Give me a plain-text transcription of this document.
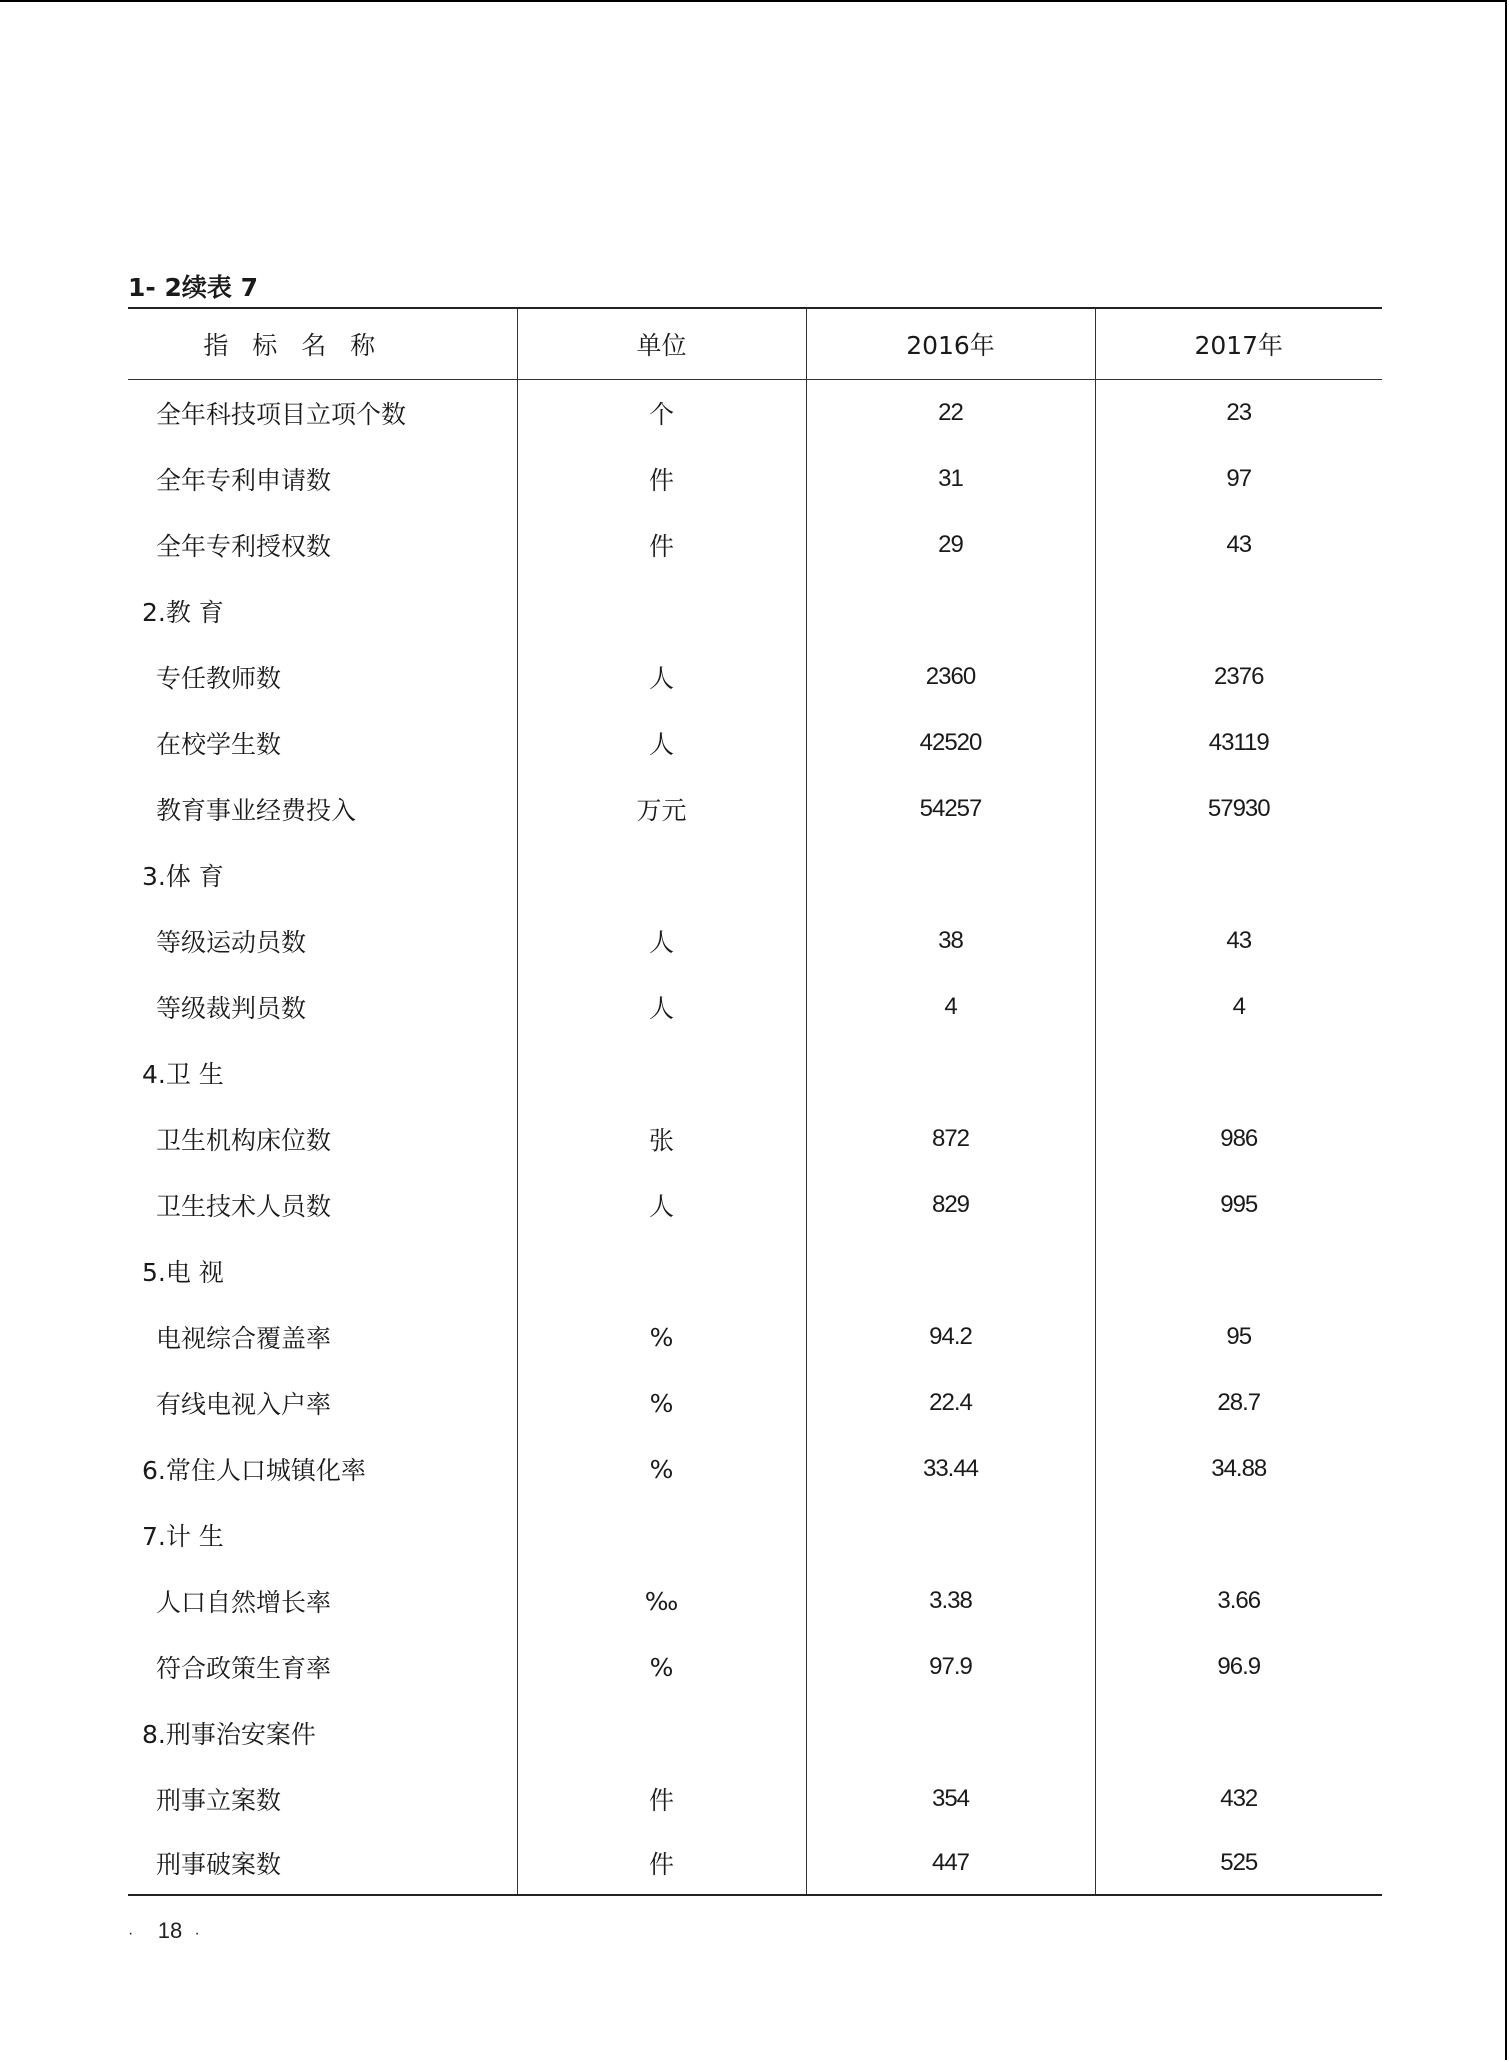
1- 2续表 7
指 标 名 称	单位	2016年	2017年
全年科技项目立项个数	个	22	23
全年专利申请数	件	31	97
全年专利授权数	件	29	43
2.教 育			
专任教师数	人	2360	2376
在校学生数	人	42520	43119
教育事业经费投入	万元	54257	57930
3.体 育			
等级运动员数	人	38	43
等级裁判员数	人	4	4
4.卫 生			
卫生机构床位数	张	872	986
卫生技术人员数	人	829	995
5.电 视			
电视综合覆盖率	%	94.2	95
有线电视入户率	%	22.4	28.7
6.常住人口城镇化率	%	33.44	34.88
7.计 生			
人口自然增长率	‰	3.38	3.66
符合政策生育率	%	97.9	96.9
8.刑事治安案件			
刑事立案数	件	354	432
刑事破案数	件	447	525
· 18 ·
